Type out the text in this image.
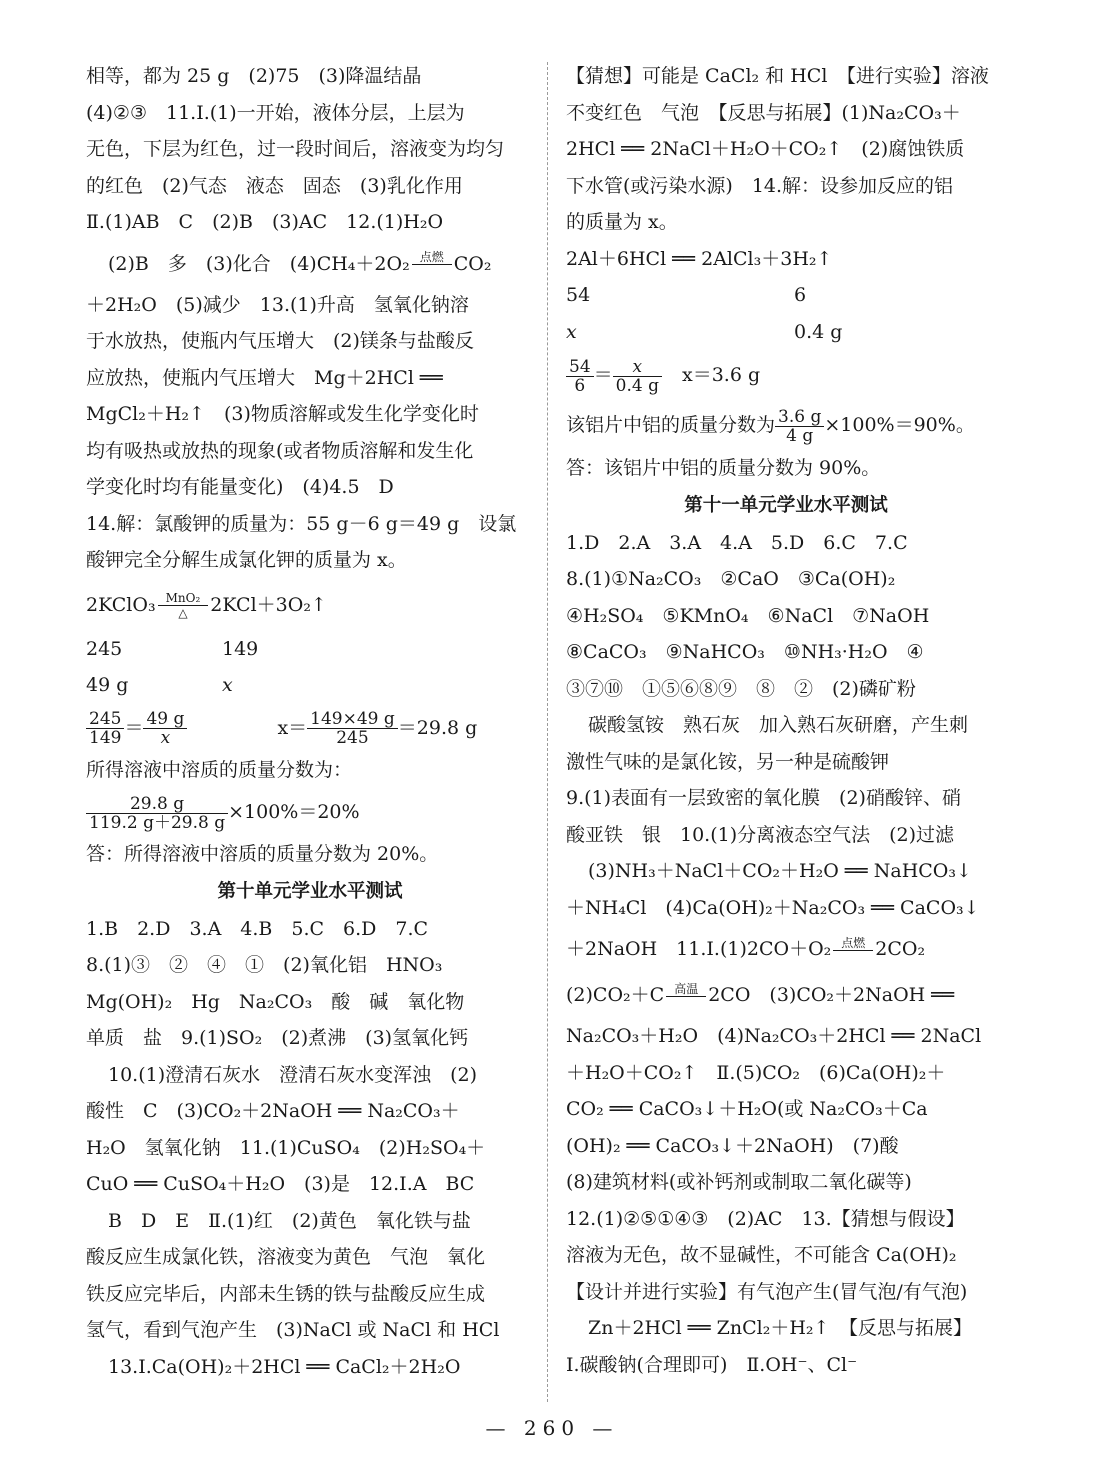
相等，都为 25 g　(2)75　(3)降温结晶
(4)②③　11.Ⅰ.(1)一开始，液体分层，上层为
无色，下层为红色，过一段时间后，溶液变为均匀
的红色　(2)气态　液态　固态　(3)乳化作用
Ⅱ.(1)AB　C　(2)B　(3)AC　12.(1)H₂O
(2)B　多　(3)化合　(4)CH₄＋2O₂ 点燃 CO₂
＋2H₂O　(5)减少　13.(1)升高　氢氧化钠溶
于水放热，使瓶内气压增大　(2)镁条与盐酸反
应放热，使瓶内气压增大　Mg＋2HCl ══
MgCl₂＋H₂↑　(3)物质溶解或发生化学变化时
均有吸热或放热的现象(或者物质溶解和发生化
学变化时均有能量变化)　(4)4.5　D
14.解：氯酸钾的质量为：55 g－6 g＝49 g　设氯
酸钾完全分解生成氯化钾的质量为 x。
2KClO₃ MnO₂
△	2KCl＋3O₂↑
245	149
49 g	x
$\frac{245}{149} = \frac{49 g}{x}$	$x= \frac{149\times 49 g}{245} =29.8$ g
所得溶液中溶质的质量分数为：
$\frac{29.8 g}{119.2 g+29.8 g} \times 100\%=20\%$
答：所得溶液中溶质的质量分数为 20%。
第十单元学业水平测试
1.B　2.D　3.A　4.B　5.C　6.D　7.C
8.(1)③　②　④　①　(2)氧化铝　HNO₃
Mg(OH)₂　Hg　Na₂CO₃　酸　碱　氧化物
单质　盐　9.(1)SO₂　(2)煮沸　(3)氢氧化钙
10.(1)澄清石灰水　澄清石灰水变浑浊　(2)
酸性　C　(3)CO₂＋2NaOH ══ Na₂CO₃＋
H₂O　氢氧化钠　11.(1)CuSO₄　(2)H₂SO₄＋
CuO ══ CuSO₄＋H₂O　(3)是　12.Ⅰ.A　BC
B　D　E　Ⅱ.(1)红　(2)黄色　氧化铁与盐
酸反应生成氯化铁，溶液变为黄色　气泡　氧化
铁反应完毕后，内部未生锈的铁与盐酸反应生成
氢气，看到气泡产生　(3)NaCl 或 NaCl 和 HCl
13.Ⅰ.Ca(OH)₂＋2HCl ══ CaCl₂＋2H₂O
【猜想】可能是 CaCl₂ 和 HCl　【进行实验】溶液
不变红色　气泡　【反思与拓展】(1)Na₂CO₃＋
2HCl ══ 2NaCl＋H₂O＋CO₂↑　(2)腐蚀铁质
下水管(或污染水源)　14.解：设参加反应的铝
的质量为 x。
2Al＋6HCl ══ 2AlCl₃＋3H₂↑
54	6
x	0.4 g
$\frac{54}{6} = \frac{x}{0.4 g} x=3.6$ g
该铝片中铝的质量分数为 $\frac{3.6 g}{4 g} \times 100\%=90\%$。
答：该铝片中铝的质量分数为 90%。
第十一单元学业水平测试
1.D　2.A　3.A　4.A　5.D　6.C　7.C
8.(1)①Na₂CO₃　②CaO　③Ca(OH)₂
④H₂SO₄　⑤KMnO₄　⑥NaCl　⑦NaOH
⑧CaCO₃　⑨NaHCO₃　⑩NH₃·H₂O　④
③⑦⑩　①⑤⑥⑧⑨　⑧　②　(2)磷矿粉
碳酸氢铵　熟石灰　加入熟石灰研磨，产生刺
激性气味的是氯化铵，另一种是硫酸钾
9.(1)表面有一层致密的氧化膜　(2)硝酸锌、硝
酸亚铁　银　10.(1)分离液态空气法　(2)过滤
(3)NH₃＋NaCl＋CO₂＋H₂O ══ NaHCO₃↓
＋NH₄Cl　(4)Ca(OH)₂＋Na₂CO₃ ══ CaCO₃↓
＋2NaOH　11.Ⅰ.(1)2CO＋O₂ 点燃 2CO₂
(2)CO₂＋C 高温 2CO　(3)CO₂＋2NaOH ══
Na₂CO₃＋H₂O　(4)Na₂CO₃＋2HCl ══ 2NaCl
＋H₂O＋CO₂↑　Ⅱ.(5)CO₂　(6)Ca(OH)₂＋
CO₂ ══ CaCO₃↓＋H₂O(或 Na₂CO₃＋Ca
(OH)₂ ══ CaCO₃↓＋2NaOH)　(7)酸
(8)建筑材料(或补钙剂或制取二氧化碳等)
12.(1)②⑤①④③　(2)AC　13.【猜想与假设】
溶液为无色，故不显碱性，不可能含 Ca(OH)₂
【设计并进行实验】有气泡产生(冒气泡/有气泡)
Zn＋2HCl ══ ZnCl₂＋H₂↑　【反思与拓展】
Ⅰ.碳酸钠(合理即可)　Ⅱ.OH⁻、Cl⁻
— 260 —
